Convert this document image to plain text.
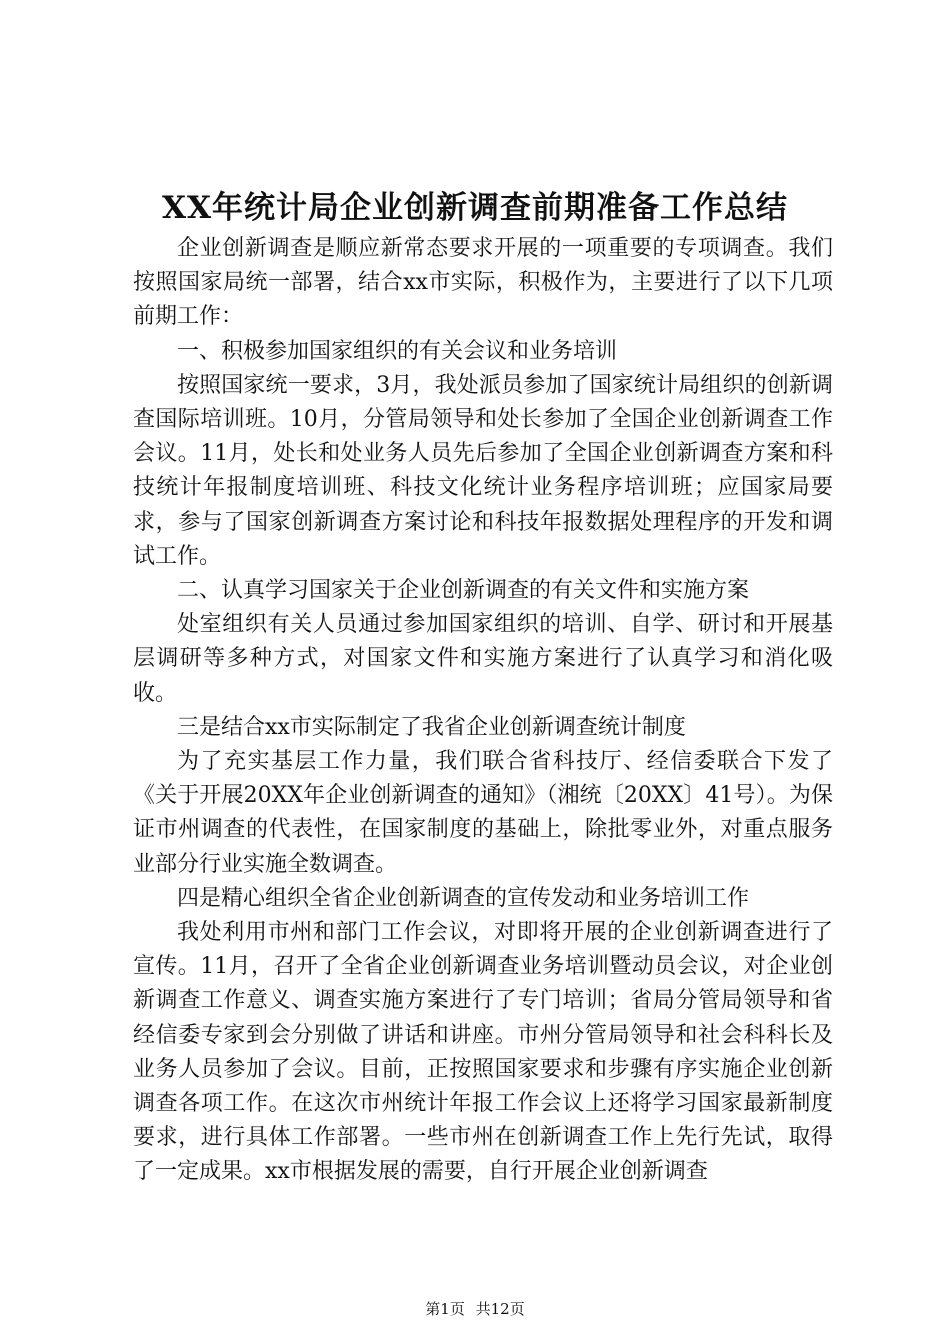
XX年统计局企业创新调查前期准备工作总结

企业创新调查是顺应新常态要求开展的一项重要的专项调查。我们按照国家局统一部署，结合xx市实际，积极作为，主要进行了以下几项前期工作：

一、积极参加国家组织的有关会议和业务培训

按照国家统一要求，3月，我处派员参加了国家统计局组织的创新调查国际培训班。10月，分管局领导和处长参加了全国企业创新调查工作会议。11月，处长和处业务人员先后参加了全国企业创新调查方案和科技统计年报制度培训班、科技文化统计业务程序培训班；应国家局要求，参与了国家创新调查方案讨论和科技年报数据处理程序的开发和调试工作。

二、认真学习国家关于企业创新调查的有关文件和实施方案

处室组织有关人员通过参加国家组织的培训、自学、研讨和开展基层调研等多种方式，对国家文件和实施方案进行了认真学习和消化吸收。

三是结合xx市实际制定了我省企业创新调查统计制度

为了充实基层工作力量，我们联合省科技厅、经信委联合下发了《关于开展20XX年企业创新调查的通知》（湘统〔20XX〕41号）。为保证市州调查的代表性，在国家制度的基础上，除批零业外，对重点服务业部分行业实施全数调查。

四是精心组织全省企业创新调查的宣传发动和业务培训工作

我处利用市州和部门工作会议，对即将开展的企业创新调查进行了宣传。11月，召开了全省企业创新调查业务培训暨动员会议，对企业创新调查工作意义、调查实施方案进行了专门培训；省局分管局领导和省经信委专家到会分别做了讲话和讲座。市州分管局领导和社会科科长及业务人员参加了会议。目前，正按照国家要求和步骤有序实施企业创新调查各项工作。在这次市州统计年报工作会议上还将学习国家最新制度要求，进行具体工作部署。一些市州在创新调查工作上先行先试，取得了一定成果。xx市根据发展的需要，自行开展企业创新调查

第1页 共12页
